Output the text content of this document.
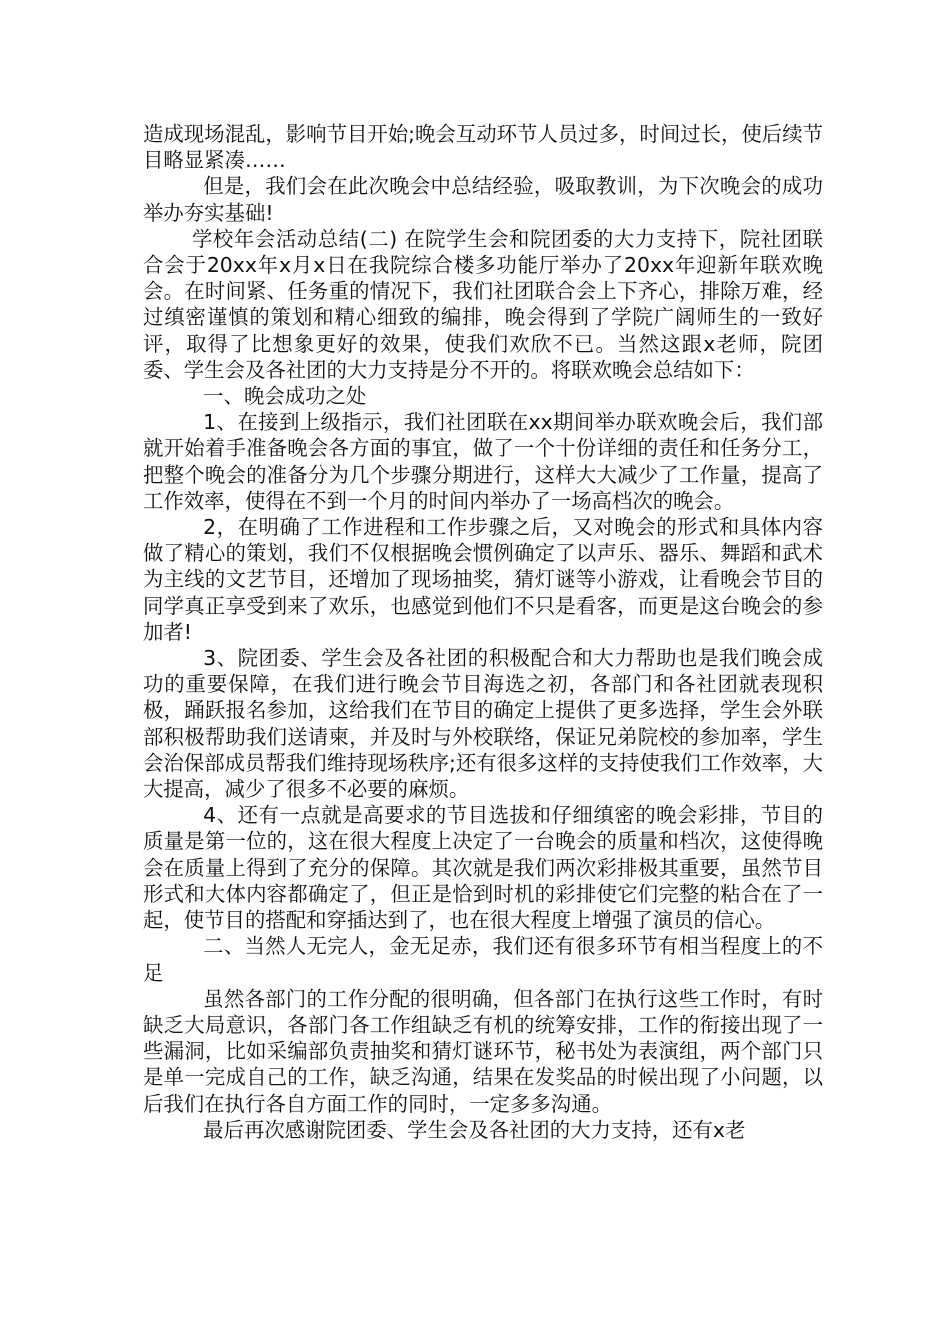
造成现场混乱，影响节目开始;晚会互动环节人员过多，时间过长，使后续节目略显紧凑……

但是，我们会在此次晚会中总结经验，吸取教训，为下次晚会的成功举办夯实基础!

学校年会活动总结(二) 在院学生会和院团委的大力支持下，院社团联合会于20xx年x月x日在我院综合楼多功能厅举办了20xx年迎新年联欢晚会。在时间紧、任务重的情况下，我们社团联合会上下齐心，排除万难，经过缜密谨慎的策划和精心细致的编排，晚会得到了学院广阔师生的一致好评，取得了比想象更好的效果，使我们欢欣不已。当然这跟x老师，院团委、学生会及各社团的大力支持是分不开的。将联欢晚会总结如下：

一、晚会成功之处

1、在接到上级指示，我们社团联在xx期间举办联欢晚会后，我们部就开始着手准备晚会各方面的事宜，做了一个十份详细的责任和任务分工，把整个晚会的准备分为几个步骤分期进行，这样大大减少了工作量，提高了工作效率，使得在不到一个月的时间内举办了一场高档次的晚会。

2，在明确了工作进程和工作步骤之后，又对晚会的形式和具体内容做了精心的策划，我们不仅根据晚会惯例确定了以声乐、器乐、舞蹈和武术为主线的文艺节目，还增加了现场抽奖，猜灯谜等小游戏，让看晚会节目的同学真正享受到来了欢乐，也感觉到他们不只是看客，而更是这台晚会的参加者!

3、院团委、学生会及各社团的积极配合和大力帮助也是我们晚会成功的重要保障，在我们进行晚会节目海选之初，各部门和各社团就表现积极，踊跃报名参加，这给我们在节目的确定上提供了更多选择，学生会外联部积极帮助我们送请柬，并及时与外校联络，保证兄弟院校的参加率，学生会治保部成员帮我们维持现场秩序;还有很多这样的支持使我们工作效率，大大提高，减少了很多不必要的麻烦。

4、还有一点就是高要求的节目选拔和仔细缜密的晚会彩排，节目的质量是第一位的，这在很大程度上决定了一台晚会的质量和档次，这使得晚会在质量上得到了充分的保障。其次就是我们两次彩排极其重要，虽然节目形式和大体内容都确定了，但正是恰到时机的彩排使它们完整的粘合在了一起，使节目的搭配和穿插达到了，也在很大程度上增强了演员的信心。

二、当然人无完人，金无足赤，我们还有很多环节有相当程度上的不足

虽然各部门的工作分配的很明确，但各部门在执行这些工作时，有时缺乏大局意识，各部门各工作组缺乏有机的统筹安排，工作的衔接出现了一些漏洞，比如采编部负责抽奖和猜灯谜环节，秘书处为表演组，两个部门只是单一完成自己的工作，缺乏沟通，结果在发奖品的时候出现了小问题，以后我们在执行各自方面工作的同时，一定多多沟通。

最后再次感谢院团委、学生会及各社团的大力支持，还有x老
